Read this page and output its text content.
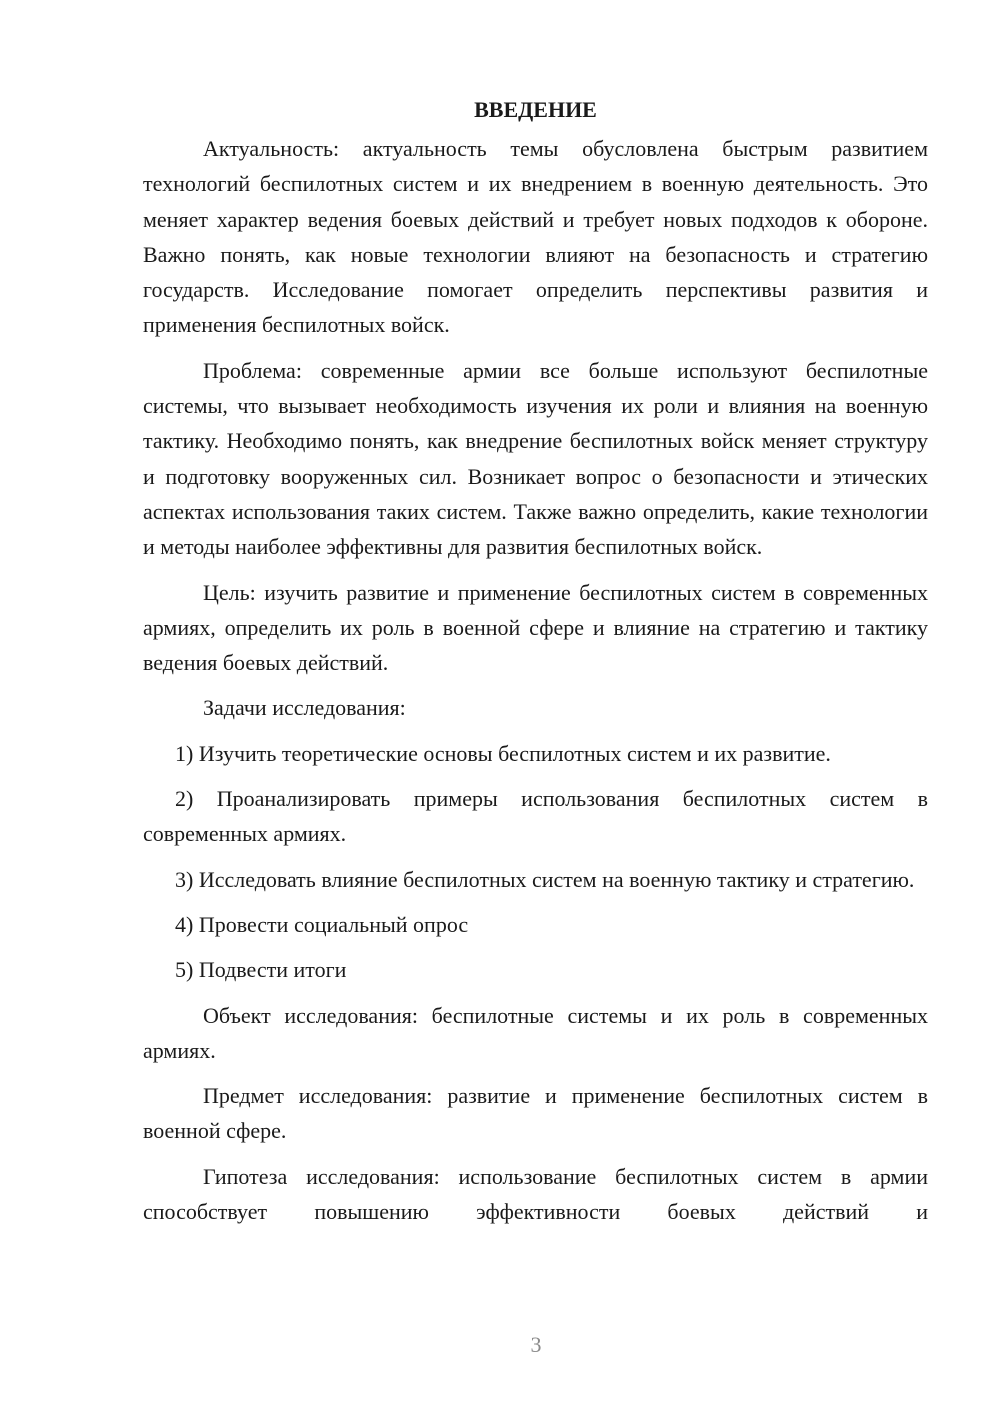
ВВЕДЕНИЕ

Актуальность: актуальность темы обусловлена быстрым развитием технологий беспилотных систем и их внедрением в военную деятельность. Это меняет характер ведения боевых действий и требует новых подходов к обороне. Важно понять, как новые технологии влияют на безопасность и стратегию государств. Исследование помогает определить перспективы развития и применения беспилотных войск.

Проблема: современные армии все больше используют беспилотные системы, что вызывает необходимость изучения их роли и влияния на военную тактику. Необходимо понять, как внедрение беспилотных войск меняет структуру и подготовку вооруженных сил. Возникает вопрос о безопасности и этических аспектах использования таких систем. Также важно определить, какие технологии и методы наиболее эффективны для развития беспилотных войск.

Цель: изучить развитие и применение беспилотных систем в современных армиях, определить их роль в военной сфере и влияние на стратегию и тактику ведения боевых действий.

Задачи исследования:

1) Изучить теоретические основы беспилотных систем и их развитие.

2) Проанализировать примеры использования беспилотных систем в современных армиях.

3) Исследовать влияние беспилотных систем на военную тактику и стратегию.

4) Провести социальный опрос

5) Подвести итоги

Объект исследования: беспилотные системы и их роль в современных армиях.

Предмет исследования: развитие и применение беспилотных систем в военной сфере.

Гипотеза исследования: использование беспилотных систем в армии способствует повышению эффективности боевых действий и

3
